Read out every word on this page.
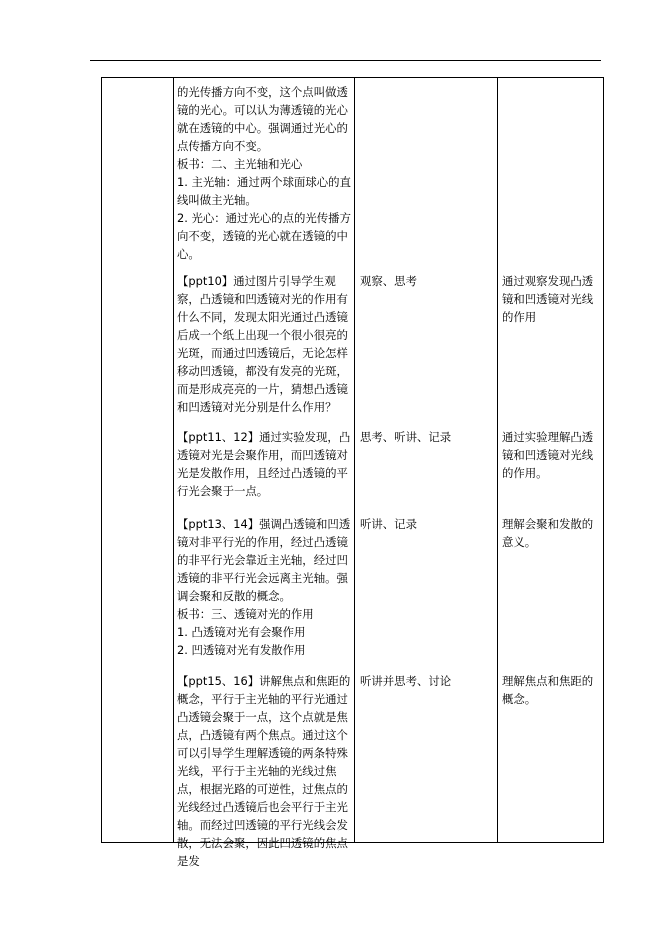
的光传播方向不变，这个点叫做透镜的光心。可以认为薄透镜的光心就在透镜的中心。强调通过光心的点传播方向不变。
板书：二、主光轴和光心
1. 主光轴：通过两个球面球心的直线叫做主光轴。
2. 光心：通过光心的点的光传播方向不变，透镜的光心就在透镜的中心。
【ppt10】通过图片引导学生观察，凸透镜和凹透镜对光的作用有什么不同，发现太阳光通过凸透镜后成一个纸上出现一个很小很亮的光斑，而通过凹透镜后，无论怎样移动凹透镜，都没有发亮的光斑，而是形成亮亮的一片，猜想凸透镜和凹透镜对光分别是什么作用？
观察、思考	通过观察发现凸透镜和凹透镜对光线的作用
【ppt11、12】通过实验发现，凸透镜对光是会聚作用，而凹透镜对光是发散作用，且经过凸透镜的平行光会聚于一点。
思考、听讲、记录	通过实验理解凸透镜和凹透镜对光线的作用。
【ppt13、14】强调凸透镜和凹透镜对非平行光的作用，经过凸透镜的非平行光会靠近主光轴，经过凹透镜的非平行光会远离主光轴。强调会聚和反散的概念。
板书：三、透镜对光的作用
1. 凸透镜对光有会聚作用
2. 凹透镜对光有发散作用
听讲、记录	理解会聚和发散的意义。
【ppt15、16】讲解焦点和焦距的概念，平行于主光轴的平行光通过凸透镜会聚于一点，这个点就是焦点，凸透镜有两个焦点。通过这个可以引导学生理解透镜的两条特殊光线，平行于主光轴的光线过焦点，根据光路的可逆性，过焦点的光线经过凸透镜后也会平行于主光轴。而经过凹透镜的平行光线会发散，无法会聚，因此凹透镜的焦点是发
听讲并思考、讨论	理解焦点和焦距的概念。
